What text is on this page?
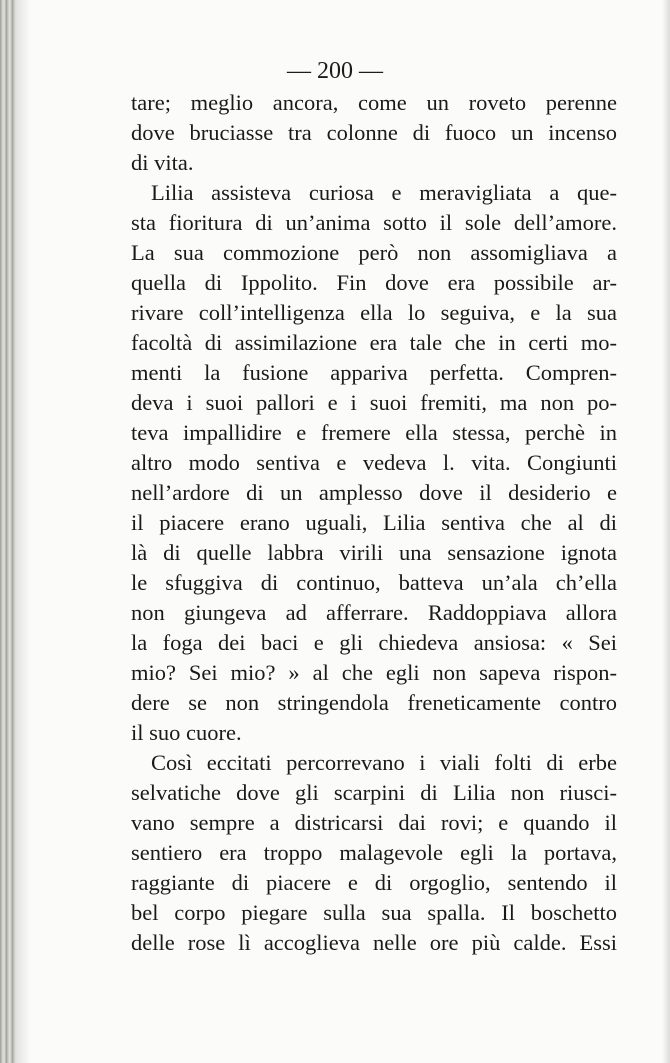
— 200 —
tare; meglio ancora, come un roveto perenne
dove bruciasse tra colonne di fuoco un incenso
di vita.
Lilia assisteva curiosa e meravigliata a que-
sta fioritura di un’anima sotto il sole dell’amore.
La sua commozione però non assomigliava a
quella di Ippolito. Fin dove era possibile ar-
rivare coll’intelligenza ella lo seguiva, e la sua
facoltà di assimilazione era tale che in certi mo-
menti la fusione appariva perfetta. Compren-
deva i suoi pallori e i suoi fremiti, ma non po-
teva impallidire e fremere ella stessa, perchè in
altro modo sentiva e vedeva l. vita. Congiunti
nell’ardore di un amplesso dove il desiderio e
il piacere erano uguali, Lilia sentiva che al di
là di quelle labbra virili una sensazione ignota
le sfuggiva di continuo, batteva un’ala ch’ella
non giungeva ad afferrare. Raddoppiava allora
la foga dei baci e gli chiedeva ansiosa: « Sei
mio? Sei mio? » al che egli non sapeva rispon-
dere se non stringendola freneticamente contro
il suo cuore.
Così eccitati percorrevano i viali folti di erbe
selvatiche dove gli scarpini di Lilia non riusci-
vano sempre a districarsi dai rovi; e quando il
sentiero era troppo malagevole egli la portava,
raggiante di piacere e di orgoglio, sentendo il
bel corpo piegare sulla sua spalla. Il boschetto
delle rose lì accoglieva nelle ore più calde. Essi
